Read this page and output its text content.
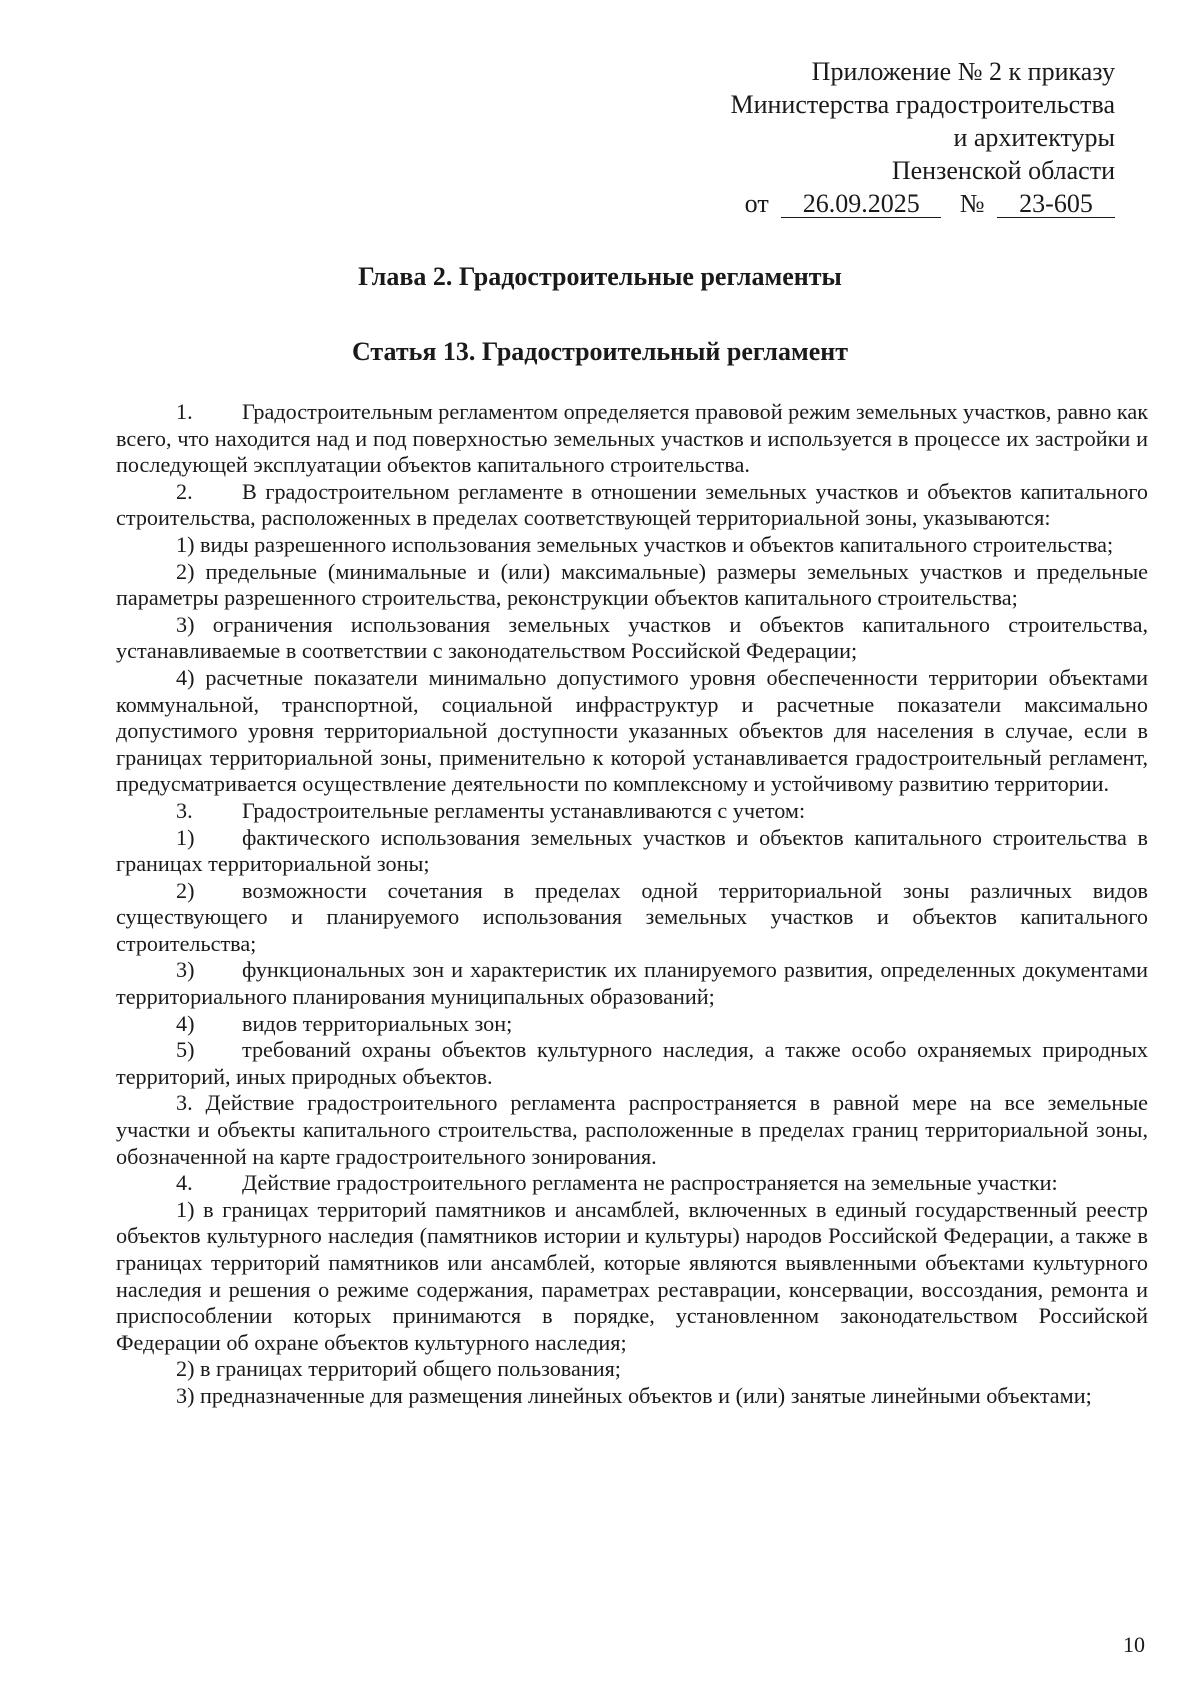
Приложение № 2 к приказу
Министерства градостроительства
и архитектуры
Пензенской области
от 26.09.2025 № 23-605
Глава 2. Градостроительные регламенты
Статья 13. Градостроительный регламент

1. Градостроительным регламентом определяется правовой режим земельных участков, равно как всего, что находится над и под поверхностью земельных участков и используется в процессе их застройки и последующей эксплуатации объектов капитального строительства.

2. В градостроительном регламенте в отношении земельных участков и объектов капитального строительства, расположенных в пределах соответствующей территориальной зоны, указываются:

1) виды разрешенного использования земельных участков и объектов капитального строительства;

2) предельные (минимальные и (или) максимальные) размеры земельных участков и предельные параметры разрешенного строительства, реконструкции объектов капитального строительства;

3) ограничения использования земельных участков и объектов капитального строительства, устанавливаемые в соответствии с законодательством Российской Федерации;

4) расчетные показатели минимально допустимого уровня обеспеченности территории объектами коммунальной, транспортной, социальной инфраструктур и расчетные показатели максимально допустимого уровня территориальной доступности указанных объектов для населения в случае, если в границах территориальной зоны, применительно к которой устанавливается градостроительный регламент, предусматривается осуществление деятельности по комплексному и устойчивому развитию территории.

3. Градостроительные регламенты устанавливаются с учетом:

1) фактического использования земельных участков и объектов капитального строительства в границах территориальной зоны;

2) возможности сочетания в пределах одной территориальной зоны различных видов существующего и планируемого использования земельных участков и объектов капитального строительства;

3) функциональных зон и характеристик их планируемого развития, определенных документами территориального планирования муниципальных образований;

4) видов территориальных зон;

5) требований охраны объектов культурного наследия, а также особо охраняемых природных территорий, иных природных объектов.

3. Действие градостроительного регламента распространяется в равной мере на все земельные участки и объекты капитального строительства, расположенные в пределах границ территориальной зоны, обозначенной на карте градостроительного зонирования.

4. Действие градостроительного регламента не распространяется на земельные участки:

1) в границах территорий памятников и ансамблей, включенных в единый государственный реестр объектов культурного наследия (памятников истории и культуры) народов Российской Федерации, а также в границах территорий памятников или ансамблей, которые являются выявленными объектами культурного наследия и решения о режиме содержания, параметрах реставрации, консервации, воссоздания, ремонта и приспособлении которых принимаются в порядке, установленном законодательством Российской Федерации об охране объектов культурного наследия;

2) в границах территорий общего пользования;

3) предназначенные для размещения линейных объектов и (или) занятые линейными объектами;

10
